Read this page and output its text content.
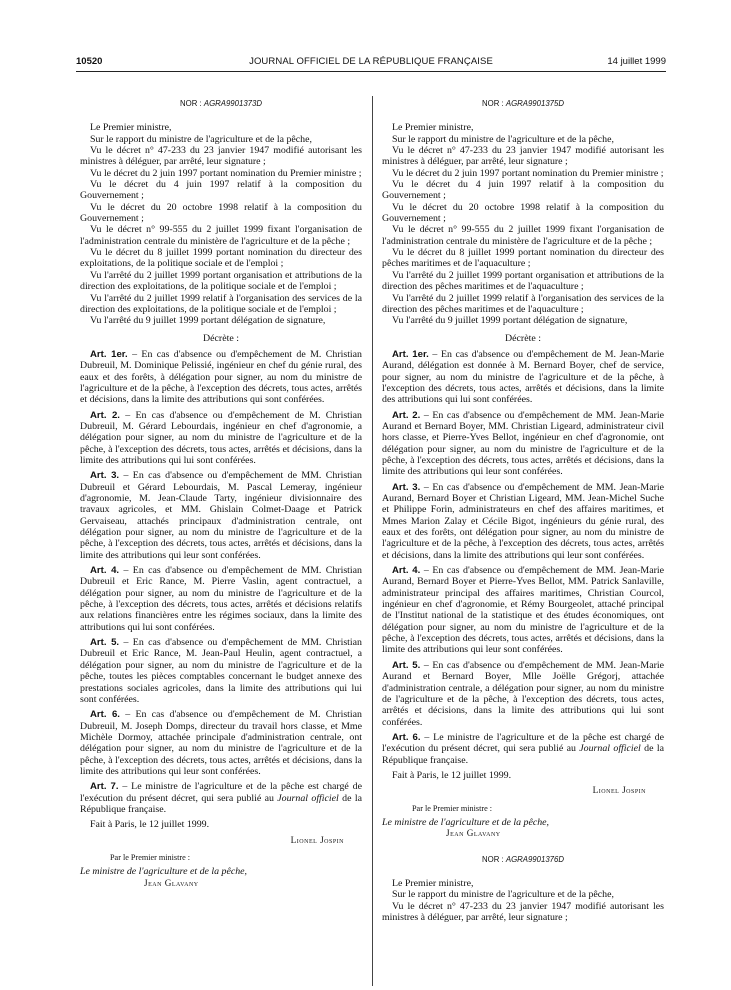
10520	JOURNAL OFFICIEL DE LA RÉPUBLIQUE FRANÇAISE	14 juillet 1999
NOR : AGRA9901373D

Le Premier ministre,

Sur le rapport du ministre de l'agriculture et de la pêche,

Vu le décret n° 47-233 du 23 janvier 1947 modifié autorisant les ministres à déléguer, par arrêté, leur signature ;

Vu le décret du 2 juin 1997 portant nomination du Premier ministre ;

Vu le décret du 4 juin 1997 relatif à la composition du Gouvernement ;

Vu le décret du 20 octobre 1998 relatif à la composition du Gouvernement ;

Vu le décret n° 99-555 du 2 juillet 1999 fixant l'organisation de l'administration centrale du ministère de l'agriculture et de la pêche ;

Vu le décret du 8 juillet 1999 portant nomination du directeur des exploitations, de la politique sociale et de l'emploi ;

Vu l'arrêté du 2 juillet 1999 portant organisation et attributions de la direction des exploitations, de la politique sociale et de l'emploi ;

Vu l'arrêté du 2 juillet 1999 relatif à l'organisation des services de la direction des exploitations, de la politique sociale et de l'emploi ;

Vu l'arrêté du 9 juillet 1999 portant délégation de signature,

Décrète :

Art. 1er. – En cas d'absence ou d'empêchement de M. Christian Dubreuil, M. Dominique Pelissié, ingénieur en chef du génie rural, des eaux et des forêts, à délégation pour signer, au nom du ministre de l'agriculture et de la pêche, à l'exception des décrets, tous actes, arrêtés et décisions, dans la limite des attributions qui sont conférées.

Art. 2. – En cas d'absence ou d'empêchement de M. Christian Dubreuil, M. Gérard Lebourdais, ingénieur en chef d'agronomie, a délégation pour signer, au nom du ministre de l'agriculture et de la pêche, à l'exception des décrets, tous actes, arrêtés et décisions, dans la limite des attributions qui lui sont conférées.

Art. 3. – En cas d'absence ou d'empêchement de MM. Christian Dubreuil et Gérard Lebourdais, M. Pascal Lemeray, ingénieur d'agronomie, M. Jean-Claude Tarty, ingénieur divisionnaire des travaux agricoles, et MM. Ghislain Colmet-Daage et Patrick Gervaiseau, attachés principaux d'administration centrale, ont délégation pour signer, au nom du ministre de l'agriculture et de la pêche, à l'exception des décrets, tous actes, arrêtés et décisions, dans la limite des attributions qui leur sont conférées.

Art. 4. – En cas d'absence ou d'empêchement de MM. Christian Dubreuil et Eric Rance, M. Pierre Vaslin, agent contractuel, a délégation pour signer, au nom du ministre de l'agriculture et de la pêche, à l'exception des décrets, tous actes, arrêtés et décisions relatifs aux relations financières entre les régimes sociaux, dans la limite des attributions qui lui sont conférées.

Art. 5. – En cas d'absence ou d'empêchement de MM. Christian Dubreuil et Eric Rance, M. Jean-Paul Heulin, agent contractuel, a délégation pour signer, au nom du ministre de l'agriculture et de la pêche, toutes les pièces comptables concernant le budget annexe des prestations sociales agricoles, dans la limite des attributions qui lui sont conférées.

Art. 6. – En cas d'absence ou d'empêchement de M. Christian Dubreuil, M. Joseph Domps, directeur du travail hors classe, et Mme Michèle Dormoy, attachée principale d'administration centrale, ont délégation pour signer, au nom du ministre de l'agriculture et de la pêche, à l'exception des décrets, tous actes, arrêtés et décisions, dans la limite des attributions qui leur sont conférées.

Art. 7. – Le ministre de l'agriculture et de la pêche est chargé de l'exécution du présent décret, qui sera publié au Journal officiel de la République française.

Fait à Paris, le 12 juillet 1999.

Lionel Jospin
Par le Premier ministre :
Le ministre de l'agriculture et de la pêche,
Jean Glavany
NOR : AGRA9901375D

Le Premier ministre,

Sur le rapport du ministre de l'agriculture et de la pêche,

Vu le décret n° 47-233 du 23 janvier 1947 modifié autorisant les ministres à déléguer, par arrêté, leur signature ;

Vu le décret du 2 juin 1997 portant nomination du Premier ministre ;

Vu le décret du 4 juin 1997 relatif à la composition du Gouvernement ;

Vu le décret du 20 octobre 1998 relatif à la composition du Gouvernement ;

Vu le décret n° 99-555 du 2 juillet 1999 fixant l'organisation de l'administration centrale du ministère de l'agriculture et de la pêche ;

Vu le décret du 8 juillet 1999 portant nomination du directeur des pêches maritimes et de l'aquaculture ;

Vu l'arrêté du 2 juillet 1999 portant organisation et attributions de la direction des pêches maritimes et de l'aquaculture ;

Vu l'arrêté du 2 juillet 1999 relatif à l'organisation des services de la direction des pêches maritimes et de l'aquaculture ;

Vu l'arrêté du 9 juillet 1999 portant délégation de signature,

Décrète :

Art. 1er. – En cas d'absence ou d'empêchement de M. Jean-Marie Aurand, délégation est donnée à M. Bernard Boyer, chef de service, pour signer, au nom du ministre de l'agriculture et de la pêche, à l'exception des décrets, tous actes, arrêtés et décisions, dans la limite des attributions qui lui sont conférées.

Art. 2. – En cas d'absence ou d'empêchement de MM. Jean-Marie Aurand et Bernard Boyer, MM. Christian Ligeard, administrateur civil hors classe, et Pierre-Yves Bellot, ingénieur en chef d'agronomie, ont délégation pour signer, au nom du ministre de l'agriculture et de la pêche, à l'exception des décrets, tous actes, arrêtés et décisions, dans la limite des attributions qui leur sont conférées.

Art. 3. – En cas d'absence ou d'empêchement de MM. Jean-Marie Aurand, Bernard Boyer et Christian Ligeard, MM. Jean-Michel Suche et Philippe Forin, administrateurs en chef des affaires maritimes, et Mmes Marion Zalay et Cécile Bigot, ingénieurs du génie rural, des eaux et des forêts, ont délégation pour signer, au nom du ministre de l'agriculture et de la pêche, à l'exception des décrets, tous actes, arrêtés et décisions, dans la limite des attributions qui leur sont conférées.

Art. 4. – En cas d'absence ou d'empêchement de MM. Jean-Marie Aurand, Bernard Boyer et Pierre-Yves Bellot, MM. Patrick Sanlaville, administrateur principal des affaires maritimes, Christian Courcol, ingénieur en chef d'agronomie, et Rémy Bourgeolet, attaché principal de l'Institut national de la statistique et des études économiques, ont délégation pour signer, au nom du ministre de l'agriculture et de la pêche, à l'exception des décrets, tous actes, arrêtés et décisions, dans la limite des attributions qui leur sont conférées.

Art. 5. – En cas d'absence ou d'empêchement de MM. Jean-Marie Aurand et Bernard Boyer, Mlle Joëlle Grégorj, attachée d'administration centrale, a délégation pour signer, au nom du ministre de l'agriculture et de la pêche, à l'exception des décrets, tous actes, arrêtés et décisions, dans la limite des attributions qui lui sont conférées.

Art. 6. – Le ministre de l'agriculture et de la pêche est chargé de l'exécution du présent décret, qui sera publié au Journal officiel de la République française.

Fait à Paris, le 12 juillet 1999.

Lionel Jospin
Par le Premier ministre :
Le ministre de l'agriculture et de la pêche,
Jean Glavany
NOR : AGRA9901376D

Le Premier ministre,

Sur le rapport du ministre de l'agriculture et de la pêche,

Vu le décret n° 47-233 du 23 janvier 1947 modifié autorisant les ministres à déléguer, par arrêté, leur signature ;
